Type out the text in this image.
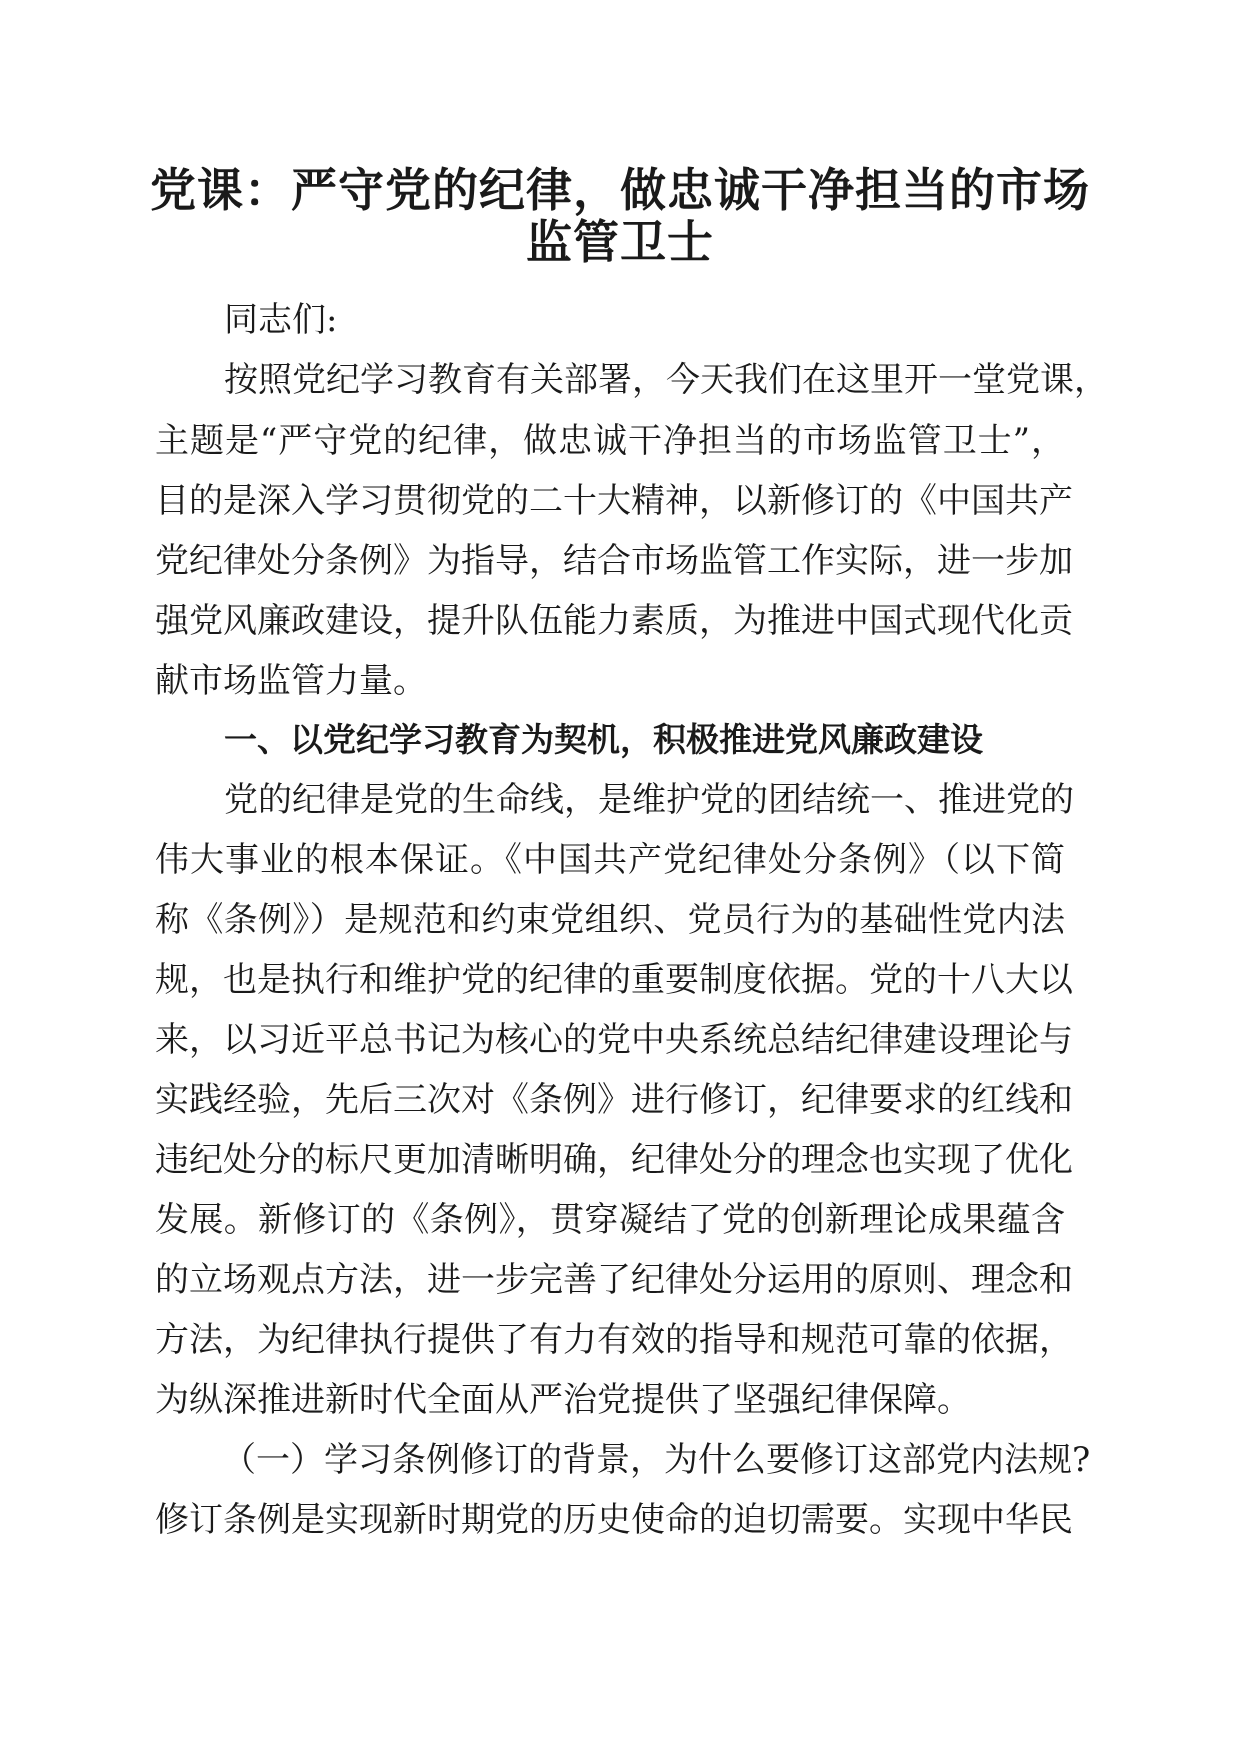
党课：严守党的纪律，做忠诚干净担当的市场
监管卫士
同志们:
按照党纪学习教育有关部署，今天我们在这里开一堂党课，
主题是“严守党的纪律，做忠诚干净担当的市场监管卫士”，
目的是深入学习贯彻党的二十大精神，以新修订的《中国共产
党纪律处分条例》为指导，结合市场监管工作实际，进一步加
强党风廉政建设，提升队伍能力素质，为推进中国式现代化贡
献市场监管力量。
一、以党纪学习教育为契机，积极推进党风廉政建设
党的纪律是党的生命线，是维护党的团结统一、推进党的
伟大事业的根本保证。《中国共产党纪律处分条例》（以下简
称《条例》）是规范和约束党组织、党员行为的基础性党内法
规，也是执行和维护党的纪律的重要制度依据。党的十八大以
来，以习近平总书记为核心的党中央系统总结纪律建设理论与
实践经验，先后三次对《条例》进行修订，纪律要求的红线和
违纪处分的标尺更加清晰明确，纪律处分的理念也实现了优化
发展。新修订的《条例》，贯穿凝结了党的创新理论成果蕴含
的立场观点方法，进一步完善了纪律处分运用的原则、理念和
方法，为纪律执行提供了有力有效的指导和规范可靠的依据，
为纵深推进新时代全面从严治党提供了坚强纪律保障。
（一）学习条例修订的背景，为什么要修订这部党内法规?
修订条例是实现新时期党的历史使命的迫切需要。实现中华民
